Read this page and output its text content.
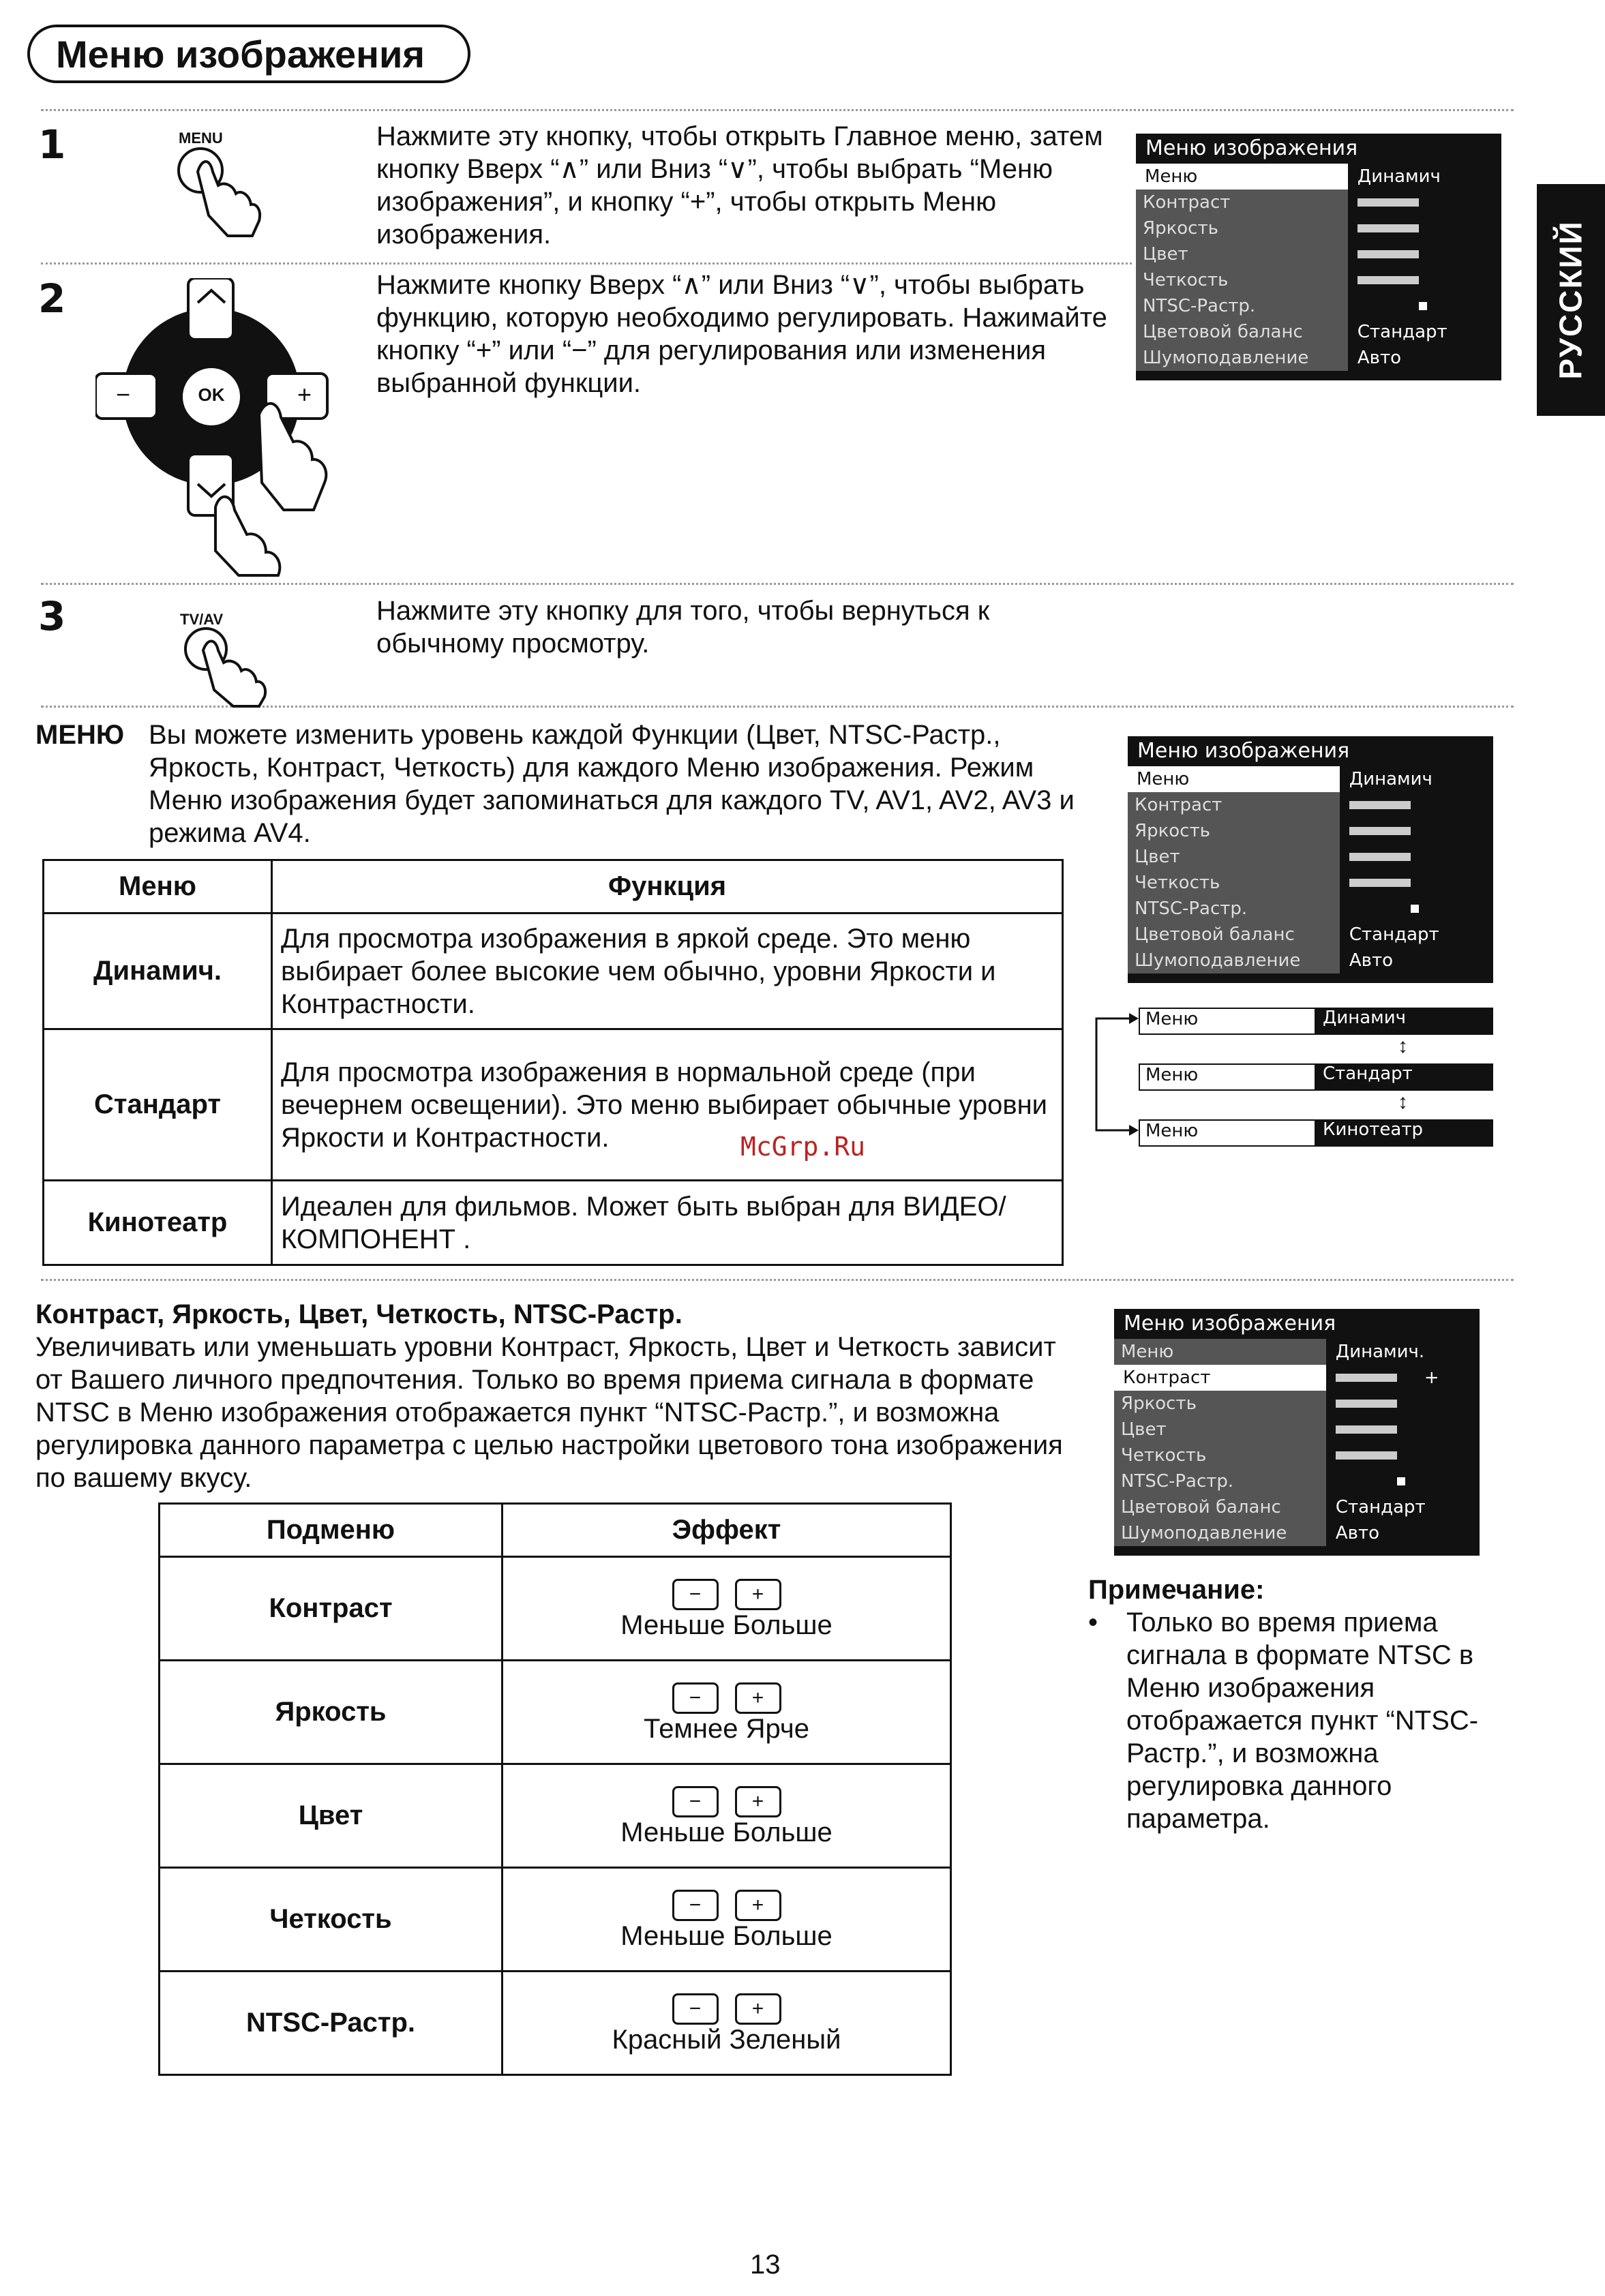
Меню изображения
РУССКИЙ
1	MENU	Нажмите эту кнопку, чтобы открыть Главное меню, затем кнопку Вверх “∧” или Вниз “∨”, чтобы выбрать “Меню изображения”, и кнопку “+”, чтобы открыть Меню изображения.
2
OK
−	+
Нажмите кнопку Вверх “∧” или Вниз “∨”, чтобы выбрать функцию, которую необходимо регулировать. Нажимайте кнопку “+” или “−” для регулирования или изменения выбранной функции.
Меню изображения
Меню	Динамич
Контраст
Яркость
Цвет
Четкость
NTSC-Растр.
Цветовой баланс	Стандарт
Шумоподавление	Авто
3	TV/AV	Нажмите эту кнопку для того, чтобы вернуться к обычному просмотру.
МЕНЮ Вы можете изменить уровень каждой Функции (Цвет, NTSC-Растр., Яркость, Контраст, Четкость) для каждого Меню изображения. Режим Меню изображения будет запоминаться для каждого TV, AV1, AV2, AV3 и режима AV4.
Меню	Функция
Динамич.	Для просмотра изображения в яркой среде. Это меню выбирает более высокие чем обычно, уровни Яркости и Контрастности.
Стандарт	Для просмотра изображения в нормальной среде (при вечернем освещении). Это меню выбирает обычные уровни Яркости и Контрастности.
Кинотеатр	Идеален для фильмов. Может быть выбран для ВИДЕО/КОМПОНЕНТ .
McGrp.Ru
Меню изображения
Меню	Динамич
Контраст
Яркость
Цвет
Четкость
NTSC-Растр.
Цветовой баланс	Стандарт
Шумоподавление	Авто
Меню	Динамич
↕
Меню	Стандарт
↕
Меню	Кинотеатр
Контраст, Яркость, Цвет, Четкость, NTSC-Растр.
Увеличивать или уменьшать уровни Контраст, Яркость, Цвет и Четкость зависит от Вашего личного предпочтения. Только во время приема сигнала в формате NTSC в Меню изображения отображается пункт “NTSC-Растр.”, и возможна регулировка данного параметра с целью настройки цветового тона изображения по вашему вкусу.
Подменю	Эффект
Контраст	− +
Меньше Больше

Яркость	− +
Темнее Ярче

Цвет	− +
Меньше Больше

Четкость	− +
Меньше Больше

NTSC-Растр.	− +
Красный Зеленый
Меню изображения
Меню	Динамич.
Контраст	+
Яркость
Цвет
Четкость
NTSC-Растр.
Цветовой баланс	Стандарт
Шумоподавление	Авто
Примечание:
• Только во время приема сигнала в формате NTSC в Меню изображения отображается пункт “NTSC-Растр.”, и возможна регулировка данного параметра.
13
